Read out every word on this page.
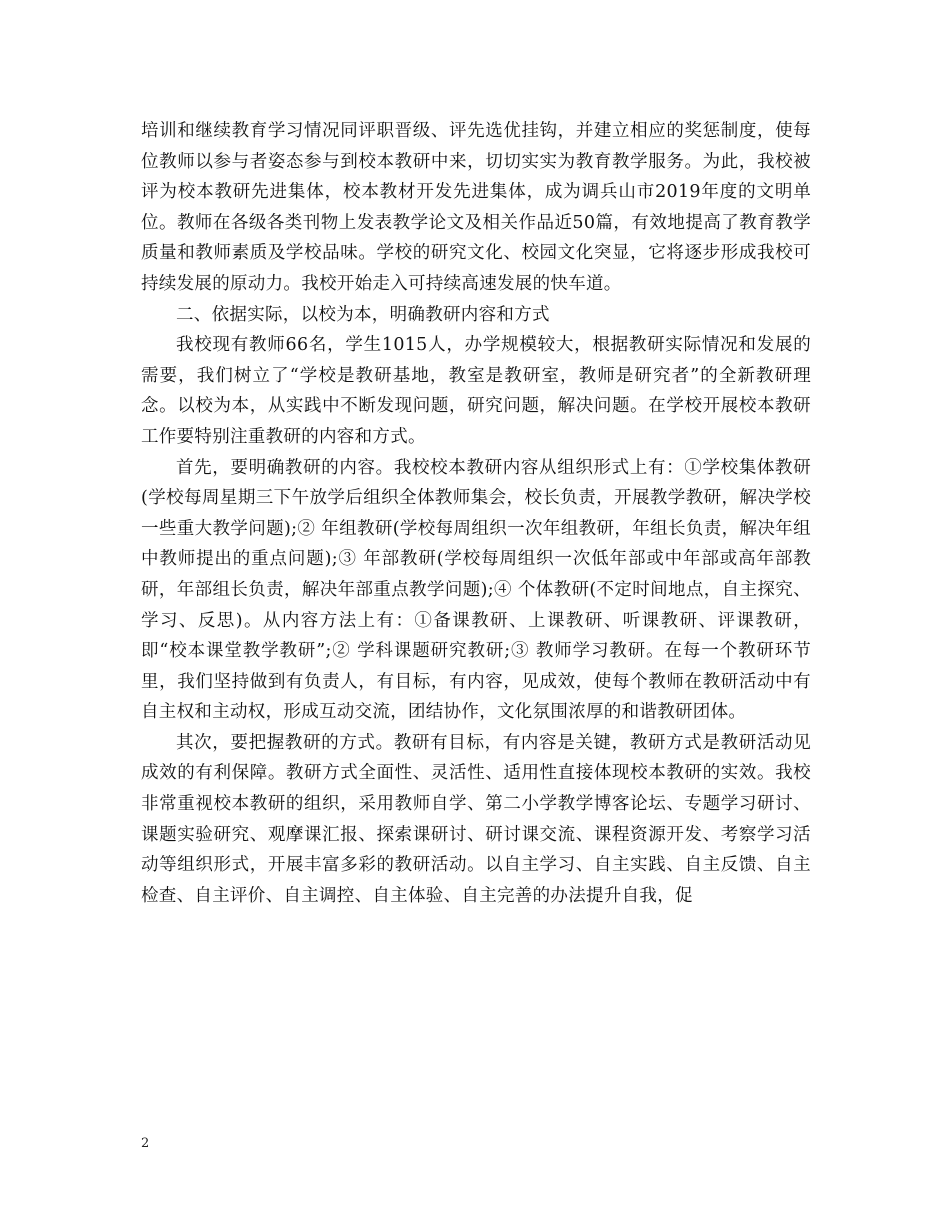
培训和继续教育学习情况同评职晋级、评先选优挂钩，并建立相应的奖惩制度，使每位教师以参与者姿态参与到校本教研中来，切切实实为教育教学服务。为此，我校被评为校本教研先进集体，校本教材开发先进集体，成为调兵山市2019年度的文明单位。教师在各级各类刊物上发表教学论文及相关作品近50篇，有效地提高了教育教学质量和教师素质及学校品味。学校的研究文化、校园文化突显，它将逐步形成我校可持续发展的原动力。我校开始走入可持续高速发展的快车道。

二、依据实际，以校为本，明确教研内容和方式

我校现有教师66名，学生1015人，办学规模较大，根据教研实际情况和发展的需要，我们树立了“学校是教研基地，教室是教研室，教师是研究者”的全新教研理念。以校为本，从实践中不断发现问题，研究问题，解决问题。在学校开展校本教研工作要特别注重教研的内容和方式。

首先，要明确教研的内容。我校校本教研内容从组织形式上有：①学校集体教研(学校每周星期三下午放学后组织全体教师集会，校长负责，开展教学教研，解决学校一些重大教学问题);② 年组教研(学校每周组织一次年组教研，年组长负责，解决年组中教师提出的重点问题);③ 年部教研(学校每周组织一次低年部或中年部或高年部教研，年部组长负责，解决年部重点教学问题);④ 个体教研(不定时间地点，自主探究、学习、反思)。从内容方法上有：①备课教研、上课教研、听课教研、评课教研，即“校本课堂教学教研”;② 学科课题研究教研;③ 教师学习教研。在每一个教研环节里，我们坚持做到有负责人，有目标，有内容，见成效，使每个教师在教研活动中有自主权和主动权，形成互动交流，团结协作，文化氛围浓厚的和谐教研团体。

其次，要把握教研的方式。教研有目标，有内容是关键，教研方式是教研活动见成效的有利保障。教研方式全面性、灵活性、适用性直接体现校本教研的实效。我校非常重视校本教研的组织，采用教师自学、第二小学教学博客论坛、专题学习研讨、课题实验研究、观摩课汇报、探索课研讨、研讨课交流、课程资源开发、考察学习活动等组织形式，开展丰富多彩的教研活动。以自主学习、自主实践、自主反馈、自主检查、自主评价、自主调控、自主体验、自主完善的办法提升自我，促

2
